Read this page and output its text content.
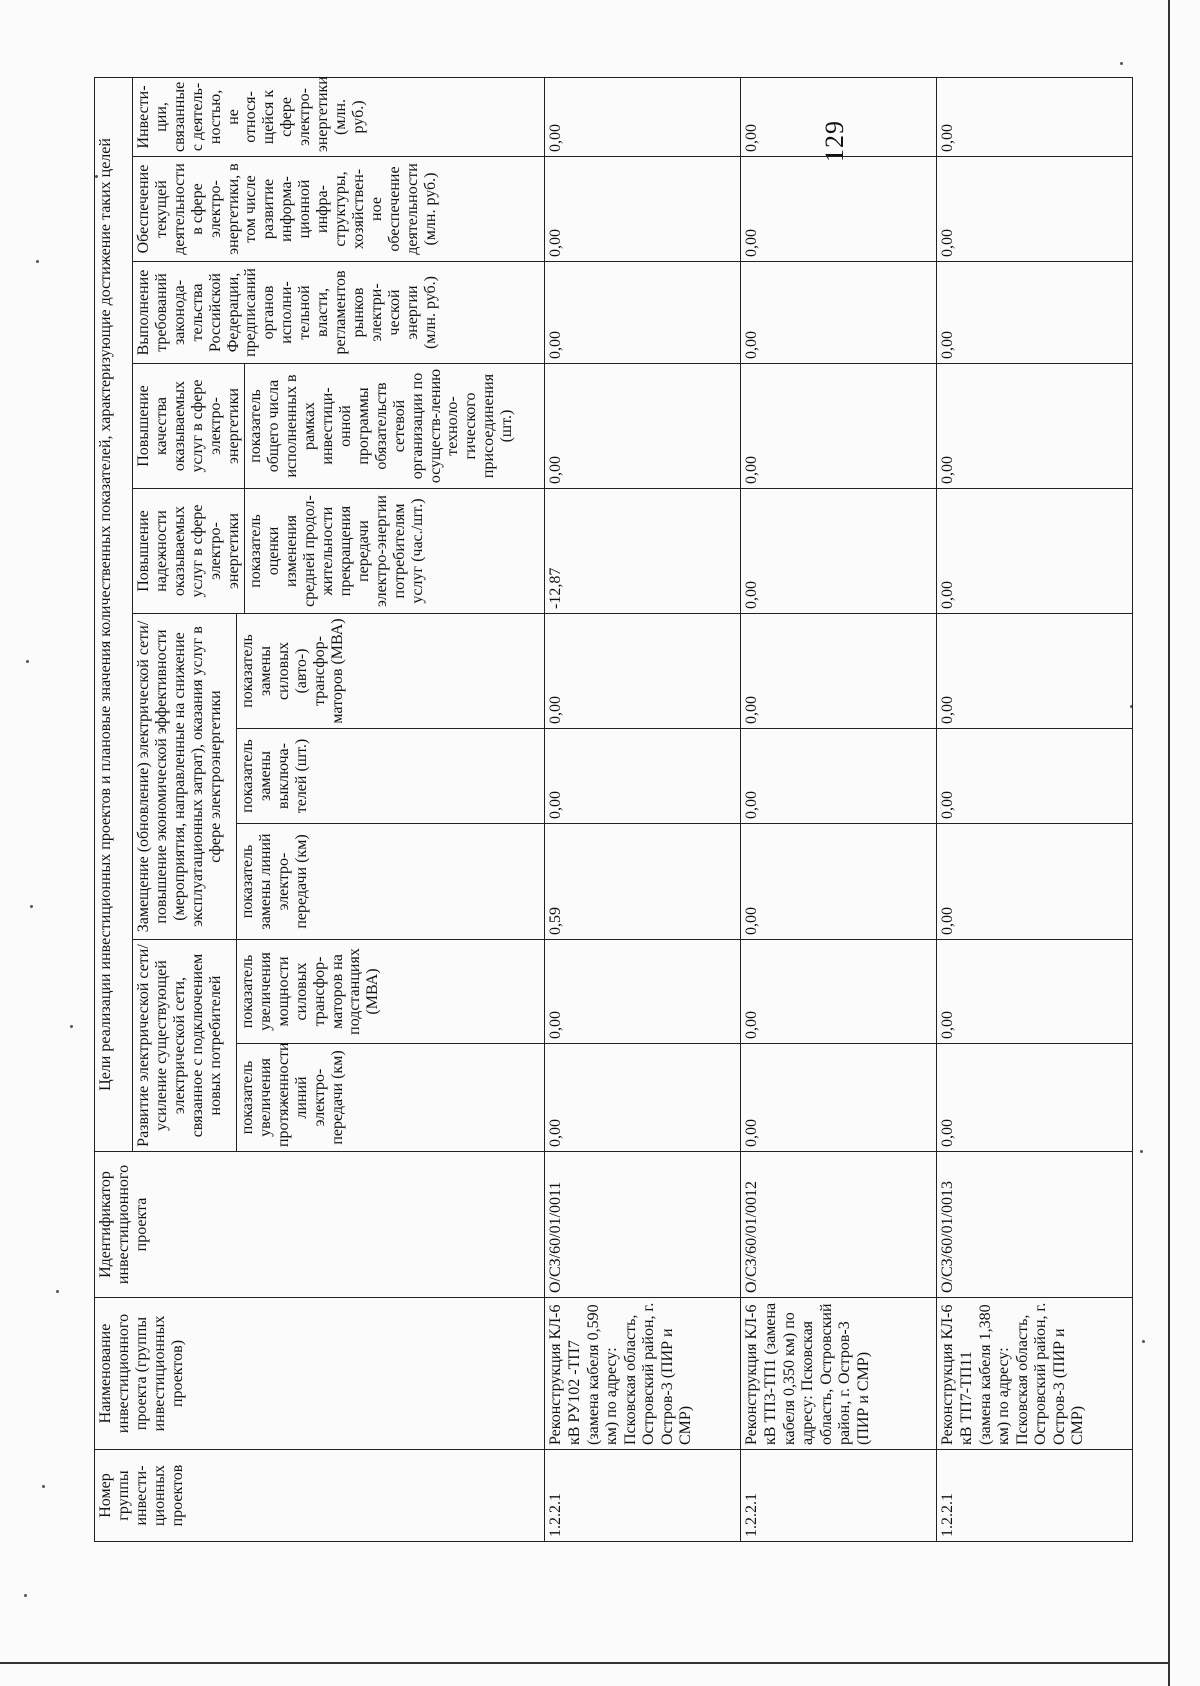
129
Номер группы инвести-ционных проектов	Наименование инвестиционного проекта (группы инвестиционных проектов)	Идентификатор инвестиционного проекта	Цели реализации инвестиционных проектов и плановые значения количественных показателей, характеризующие достижение таких целей									
			Развитие электрической сети/усиление существующей электрической сети, связанное с подключением новых потребителей		Замещение (обновление) электрической сети/повышение экономической эффективности (мероприятия, направленные на снижение эксплуатационных затрат), оказания услуг в сфере электроэнергетики			Повышение надежности оказываемых услуг в сфере электро-энергетики	Повышение качества оказываемых услуг в сфере электро-энергетики	Выполнение требований законода-тельства Российской Федерации, предписаний органов исполни-тельной власти, регламентов рынков электри-ческой энергии (млн. руб.)	Обеспечение текущей деятельности в сфере электро-энергетики, в том числе развитие информа-ционной инфра-структуры, хозяйствен-ное обеспечение деятельности (млн. руб.)	Инвести-ции, связанные с деятель-ностью, не относя-щейся к сфере электро-энергетики (млн. руб.)
			показатель увеличения протяженности линий электро-передачи (км)	показатель увеличения мощности силовых трансфор-маторов на подстанциях (МВА)	показатель замены линий электро-передачи (км)	показатель замены выключа-телей (шт.)	показатель замены силовых (авто-) трансфор-маторов (МВА)					
								показатель оценки изменения средней продол-жительности прекращения передачи электро-энергии потребителям услуг (час./шт.)	показатель общего числа исполненных в рамках инвестици-онной программы обязательств сетевой организации по осуществ-лению техноло-гического присоединения (шт.)			
1.2.2.1	Реконструкция КЛ-6 кВ РУ102 -ТП7 (замена кабеля 0,590 км) по адресу: Псковская область, Островский район, г. Остров-3 (ПИР и СМР)	О/СЗ/60/01/0011	0,00	0,00	0,59	0,00	0,00	-12,87	0,00	0,00	0,00	0,00
1.2.2.1	Реконструкция КЛ-6 кВ ТП3-ТП1 (замена кабеля 0,350 км) по адресу: Псковская область, Островский район, г. Остров-3 (ПИР и СМР)	О/СЗ/60/01/0012	0,00	0,00	0,00	0,00	0,00	0,00	0,00	0,00	0,00	0,00
1.2.2.1	Реконструкция КЛ-6 кВ ТП7-ТП11 (замена кабеля 1,380 км) по адресу: Псковская область, Островский район, г. Остров-3 (ПИР и СМР)	О/СЗ/60/01/0013	0,00	0,00	0,00	0,00	0,00	0,00	0,00	0,00	0,00	0,00
